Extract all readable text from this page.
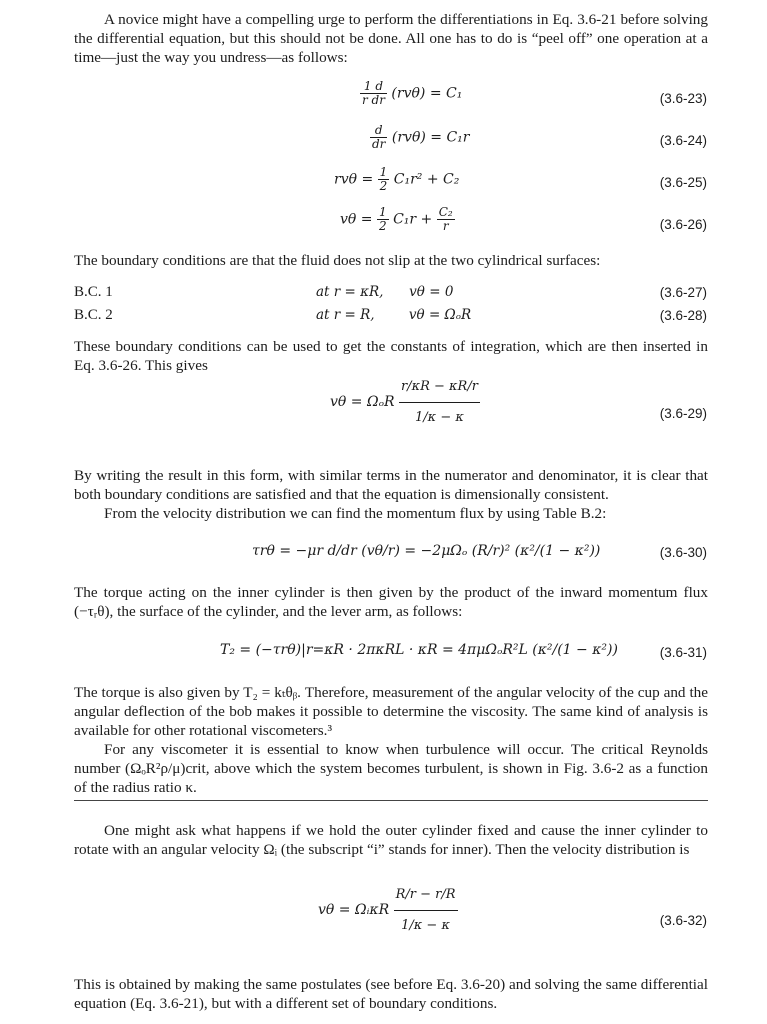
A novice might have a compelling urge to perform the differentiations in Eq. 3.6-21 before solving the differential equation, but this should not be done. All one has to do is “peel off” one operation at a time—just the way you undress—as follows:

$\frac{1 d}{\text{r dr}} (rv\theta) = C_1$	(3.6-23)
$\frac{d}{dr} (rv\theta) = C_1r$	(3.6-24)
$rv\theta = \frac{1}{2} C_1r^2 + C_2$	(3.6-25)
$v\theta = \frac{1}{2} C_1r + \frac{\text{C₂}}{r}$	(3.6-26)

The boundary conditions are that the fluid does not slip at the two cylindrical surfaces:

B.C. 1	at r = κR,      vθ = 0	(3.6-27)
B.C. 2	at r = R,        vθ = ΩₒR	(3.6-28)

These boundary conditions can be used to get the constants of integration, which are then inserted in Eq. 3.6-26. This gives

vθ = ΩₒR $\frac{r/\kappa R - \kappa R/r}{1/\kappa - \kappa}$	(3.6-29)

By writing the result in this form, with similar terms in the numerator and denominator, it is clear that both boundary conditions are satisfied and that the equation is dimensionally consistent.

From the velocity distribution we can find the momentum flux by using Table B.2:

τrθ = −μr d/dr (vθ/r) = −2μΩₒ (R/r)² (κ²/(1 − κ²))	(3.6-30)

The torque acting on the inner cylinder is then given by the product of the inward momentum flux (−τᵣθ), the surface of the cylinder, and the lever arm, as follows:

T₂ = (−τrθ)|r=κR · 2πκRL · κR = 4πμΩₒR²L (κ²/(1 − κ²))	(3.6-31)

The torque is also given by T₂ = kₜθᵦ. Therefore, measurement of the angular velocity of the cup and the angular deflection of the bob makes it possible to determine the viscosity. The same kind of analysis is available for other rotational viscometers.³

For any viscometer it is essential to know when turbulence will occur. The critical Reynolds number (ΩₒR²ρ/μ)crit, above which the system becomes turbulent, is shown in Fig. 3.6-2 as a function of the radius ratio κ.

One might ask what happens if we hold the outer cylinder fixed and cause the inner cylinder to rotate with an angular velocity Ωᵢ (the subscript “i” stands for inner). Then the velocity distribution is

vθ = ΩᵢκR $\frac{R/r - r/R}{1/\kappa - \kappa}$	(3.6-32)

This is obtained by making the same postulates (see before Eq. 3.6-20) and solving the same differential equation (Eq. 3.6-21), but with a different set of boundary conditions.
